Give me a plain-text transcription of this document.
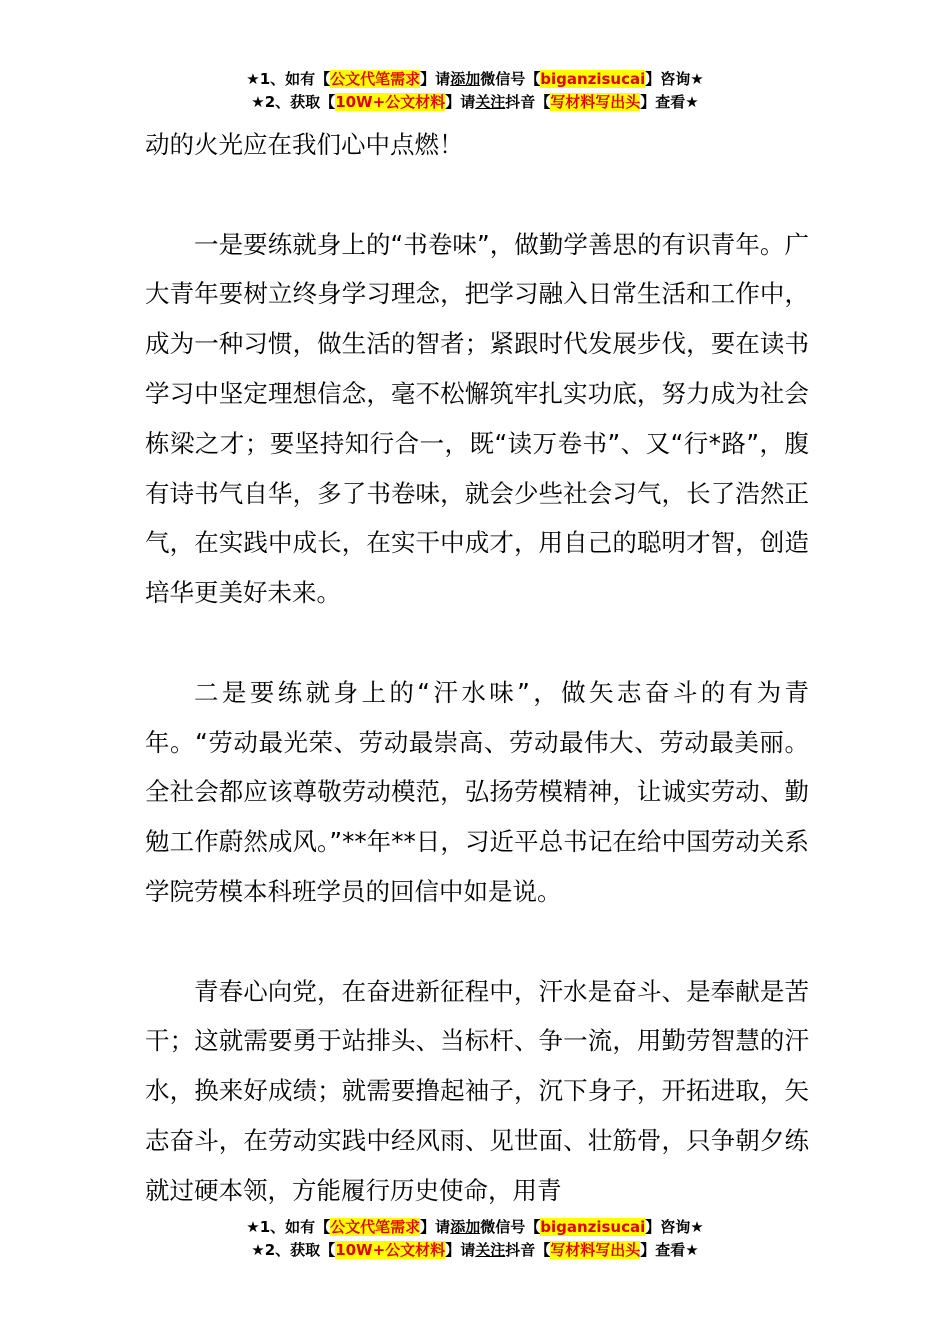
★1、如有【公文代笔需求】请添加微信号【biganzisucai】咨询★
★2、获取【10W+公文材料】请关注抖音【写材料写出头】查看★

动的火光应在我们心中点燃！

一是要练就身上的“书卷味”，做勤学善思的有识青年。广大青年要树立终身学习理念，把学习融入日常生活和工作中，成为一种习惯，做生活的智者；紧跟时代发展步伐，要在读书学习中坚定理想信念，毫不松懈筑牢扎实功底，努力成为社会栋梁之才；要坚持知行合一，既“读万卷书”、又“行*路”，腹有诗书气自华，多了书卷味，就会少些社会习气，长了浩然正气，在实践中成长，在实干中成才，用自己的聪明才智，创造培华更美好未来。

二是要练就身上的“汗水味”，做矢志奋斗的有为青年。“劳动最光荣、劳动最崇高、劳动最伟大、劳动最美丽。全社会都应该尊敬劳动模范，弘扬劳模精神，让诚实劳动、勤勉工作蔚然成风。”**年**日，习近平总书记在给中国劳动关系学院劳模本科班学员的回信中如是说。

青春心向党，在奋进新征程中，汗水是奋斗、是奉献是苦干；这就需要勇于站排头、当标杆、争一流，用勤劳智慧的汗水，换来好成绩；就需要撸起袖子，沉下身子，开拓进取，矢志奋斗，在劳动实践中经风雨、见世面、壮筋骨，只争朝夕练就过硬本领，方能履行历史使命，用青

★1、如有【公文代笔需求】请添加微信号【biganzisucai】咨询★
★2、获取【10W+公文材料】请关注抖音【写材料写出头】查看★
